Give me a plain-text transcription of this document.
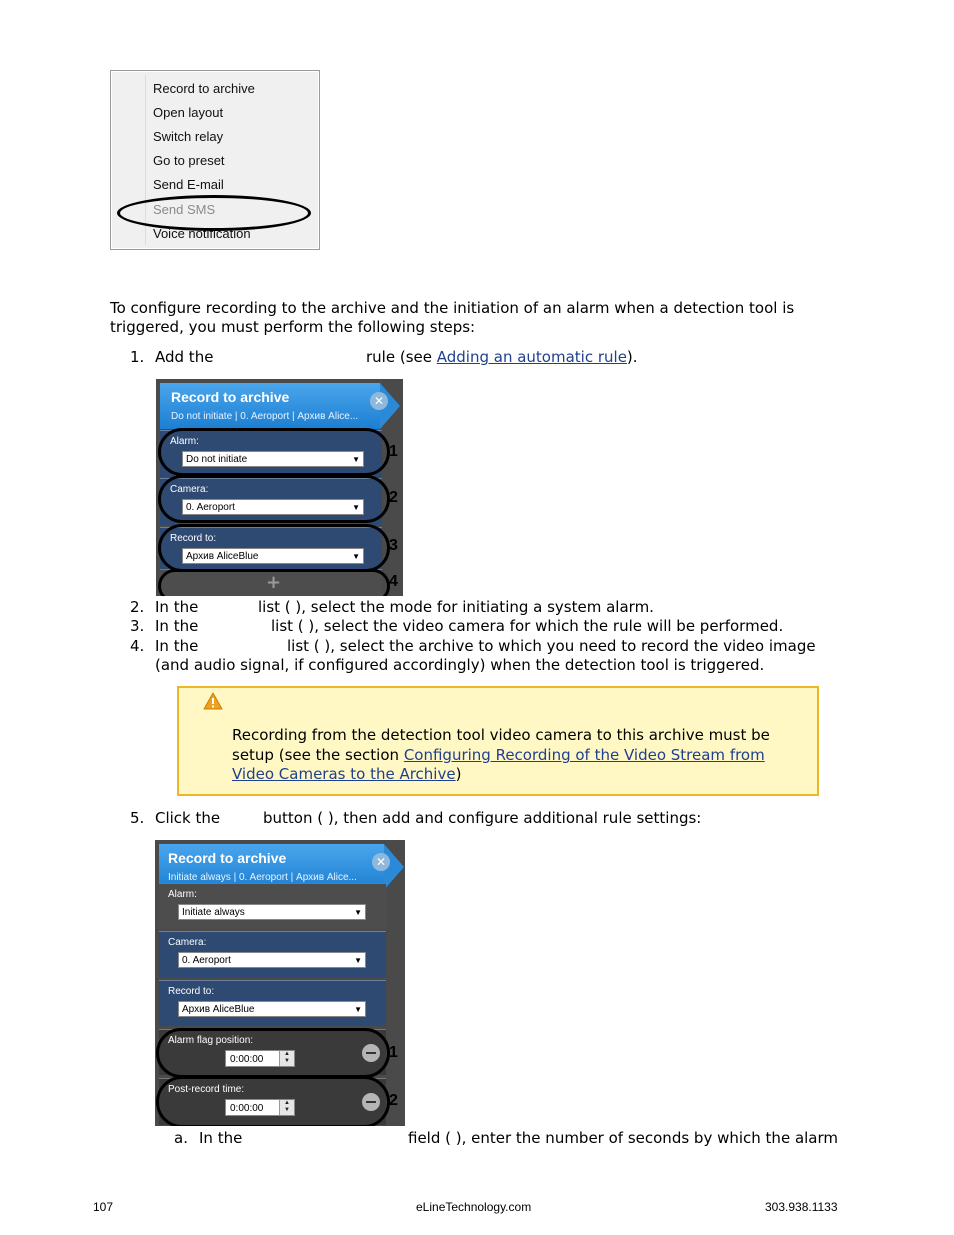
Record to archive
Open layout
Switch relay
Go to preset
Send E-mail
Send SMS
Voice notification
To configure recording to the archive and the initiation of an alarm when a detection tool is
triggered, you must perform the following steps:
1. Add the	rule (see Adding an automatic rule).
Record to archive
Do not initiate | 0. Aeroport | Архив Alice...
✕
Alarm:
Do not initiate	▼
Camera:
0. Aeroport	▼
Record to:
Архив AliceBlue	▼
+
1
2
3
4
2. In the	list ( ), select the mode for initiating a system alarm.
3. In the	list ( ), select the video camera for which the rule will be performed.
4. In the	list ( ), select the archive to which you need to record the video image
(and audio signal, if configured accordingly) when the detection tool is triggered.
Recording from the detection tool video camera to this archive must be
setup (see the section Configuring Recording of the Video Stream from
Video Cameras to the Archive)
5. Click the	button ( ), then add and configure additional rule settings:
Record to archive
Initiate always | 0. Aeroport | Архив Alice...
✕
Alarm:
Initiate always	▼
Camera:
0. Aeroport	▼
Record to:
Архив AliceBlue	▼
Alarm flag position:
0:00:00	▲
▼
Post-record time:
0:00:00	▲
▼
1
2
a. In the	field ( ), enter the number of seconds by which the alarm
107	eLineTechnology.com	303.938.1133
